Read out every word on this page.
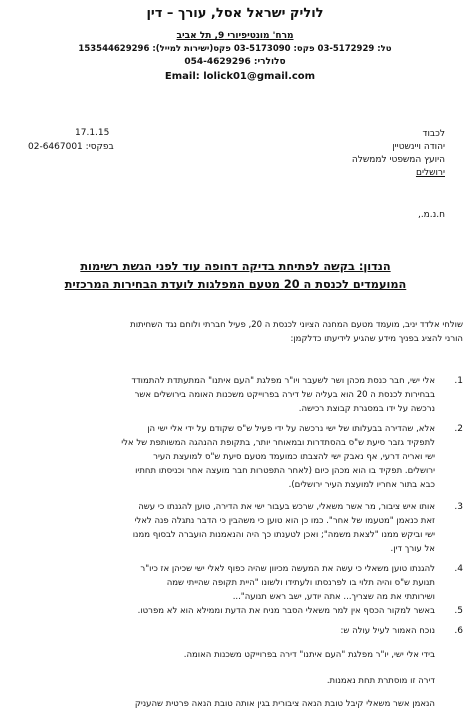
לוליק ישראל אסל, עורך – דין
מרח' מונטיפיורי 9, תל אביב
טל: 03-5172929 פקס: 03-5173090 פקס(ישירות למייל): 153544629296
סלולרי: 054-4629296
Email: lolick01@gmail.com
17.1.15
בפקסי: 02-6467001
לכבוד
יהודה ויינשטיין
היועץ המשפטי לממשלה
ירושלים
ח.נ.מ.,
הנדון: בקשה לפתיחת בדיקה דחופה עוד לפני הגשת רשימות
המועמדים לכנסת ה 20 מטעם המפלגות לועדת הבחירות המרכזית

שולחי אלדד יניב, מועמד מטעם המחנה הציוני לכנסת ה 20, פעיל חברתי ולוחם נגד השחיתות

הורני להציג בפניך מידע שהגיע לידיעתו כדלקמן:

1.

אלי ישי, חבר כנסת מכהן ושר לשעבר ויו"ר מפלגת "העם איתנו" המתעתדת להתמודד

בבחירות לכנסת ה 20 הוא בעליה של דירה בפרוייקט משכנות האומה בירושלים אשר

נרכשה על ידו במסגרת קבוצת רכישה.

2.

אלא, שהדירה בבעלותו של ישי נרכשה על ידי פעיל ש"ס שקודם על ידי אלי ישי הן

לתפקיד גזבר סיעת ש"ס בהסתדרות ובמאוחר יותר, בתקופת ההנהגה המשותפת של אלי

ישי ואריה דרעי, אף נאבק ישי להצבתו כמועמד מטעם סיעת ש"ס למועצת העיר

ירושלים. תפקיד בו הוא מכהן כיום (לאחר התפטרות חבר מועצה אחר וכניסתו תחתיו

כבא בתור אחריו למועצת העיר ירושלים).

3.

אותו איש ציבור, מר אשר משאלי, שרכש בעבור ישי את הדירה, טוען להגנתו כי עשה

זאת כנאמן "מטעמו של אחר". כמו כן הוא טוען כי משהבין כי הדבר נתגלה פנה לאלי

ישי וביקש ממנו "לצאת משמה"; ואכן לטענתו כך היה והנאמנות הועברה לבסוף ממנו

אל עורך דין.

4.

להגנתו טוען משאלי כי עשה את המעשה מכיוון שהיה כפוף לאלי ישי שכיהן אז כיו"ר

תנועת ש"ס והיה תלוי בו לפרנסתו ולעתידו ולשונו "היית תקופה שהייתי שמה

ושירותתי את מה שצריך... אתה יודע, ישב ראש תנועה"...

5.

באשר למקור הכסף אין למר משאלי הסבר מניח את הדעת וממילא הוא לא מפרטו.

6.

נוכח האמור לעיל עולה ש:

בידי אלי ישי, יו"ר מפלגת "העם איתנו" דירה בפרוייקט משכנות האומה.
דירה זו מוסתרת תחת נאמנות.
הנאמן אשר משאלי קיבל טובת הנאה ציבורית בגין אותה טובת הנאה פרטית שהעניק
